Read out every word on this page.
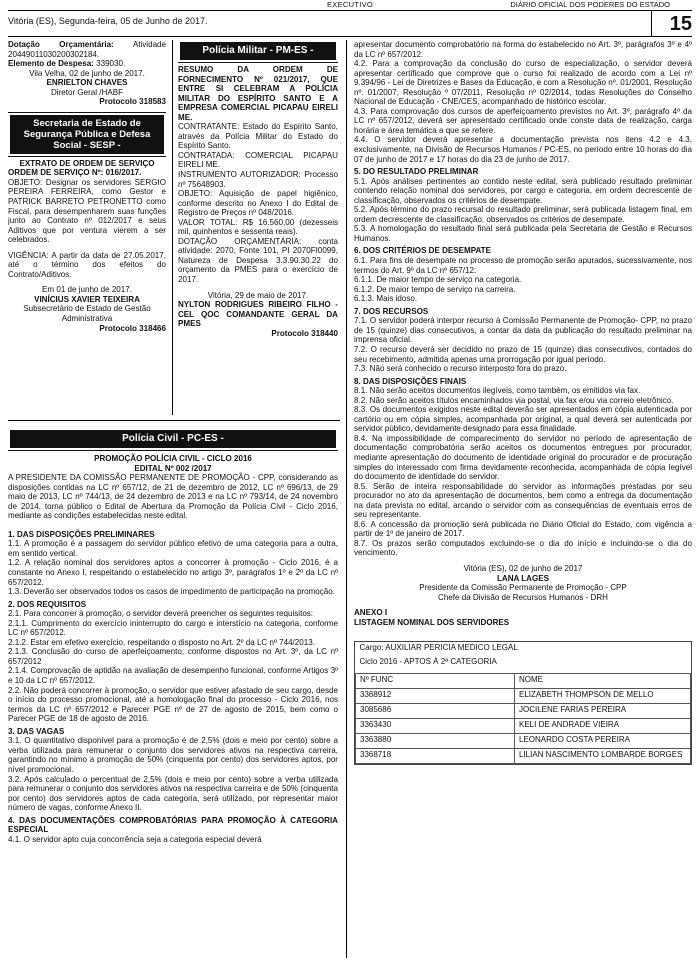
EXECUTIVO	DIÁRIO OFICIAL DOS PODERES DO ESTADO
Vitória (ES), Segunda-feira, 05 de Junho de 2017.	15

Dotação Orçamentária: Atividade 20449011030200302184.

Elemento de Despesa: 339030.

Vila Velha, 02 de junho de 2017.

ENRIELTON CHAVES

Diretor Geral /HABF

Protocolo 318583

Secretaria de Estado de Segurança Pública e Defesa Social - SESP -

EXTRATO DE ORDEM DE SERVIÇO

ORDEM DE SERVIÇO Nº: 016/2017.

OBJETO: Designar os servidores SERGIO PEREIRA FERREIRA, como Gestor e PATRICK BARRETO PETRONETTO como Fiscal, para desempenharem suas funções junto ao Contrato nº 012/2017 e seus Aditivos que por ventura vierem a ser celebrados.

VIGÊNCIA: A partir da data de 27.05.2017, até o término dos efeitos do Contrato/Aditivos.

Em 01 de junho de 2017.

VINÍCIUS XAVIER TEIXEIRA

Subsecretário de Estado de Gestão Administrativa

Protocolo 318466

Polícia Militar - PM-ES -

RESUMO DA ORDEM DE FORNECIMENTO Nº 021/2017, QUE ENTRE SI CELEBRAM A POLÍCIA MILITAR DO ESPÍRITO SANTO E A EMPRESA COMERCIAL PICAPAU EIRELI ME.

CONTRATANTE: Estado do Espírito Santo, através da Polícia Militar do Estado do Espírito Santo.

CONTRATADA: COMERCIAL PICAPAU EIRELI ME.

INSTRUMENTO AUTORIZADOR: Processo nº 75648903.

OBJETO: Aquisição de papel higiênico, conforme descrito no Anexo I do Edital de Registro de Preços nº 048/2016.

VALOR TOTAL: R$ 16.560,00 (dezesseis mil, quinhentos e sessenta reais).

DOTAÇÃO ORÇAMENTÁRIA: conta atividade: 2070, Fonte 101, PI 2070FI0099, Natureza de Despesa 3.3.90.30.22 do orçamento da PMES para o exercício de 2017.

Vitória, 29 de maio de 2017.

NYLTON RODRIGUES RIBEIRO FILHO - CEL QOC COMANDANTE GERAL DA PMES

Protocolo 318440

Polícia Civil - PC-ES -

PROMOÇÃO POLÍCIA CIVIL - CICLO 2016

EDITAL Nº 002 /2017

A PRESIDENTE DA COMISSÃO PERMANENTE DE PROMOÇÃO - CPP, considerando as disposições contidas na LC nº 657/12, de 21 de dezembro de 2012, LC nº 696/13, de 29 maio de 2013, LC nº 744/13, de 24 dezembro de 2013 e na LC nº 793/14, de 24 novembro de 2014, torna público o Edital de Abertura da Promoção da Polícia Civil - Ciclo 2016, mediante as condições estabelecidas neste edital.

1. DAS DISPOSIÇÕES PRELIMINARES

1.1. A promoção é a passagem do servidor público efetivo de uma categoria para a outra, em sentido vertical.

1.2. A relação nominal dos servidores aptos a concorrer à promoção - Ciclo 2016, é a constante no Anexo I, respeitando o estabelecido no artigo 3º, parágrafos 1º e 2º da LC nº 657/2012.

1.3. Deverão ser observados todos os casos de impedimento de participação na promoção.

2. DOS REQUISITOS

2.1. Para concorrer à promoção, o servidor deverá preencher os seguintes requisitos:

2.1.1. Cumprimento do exercício ininterrupto do cargo e interstício na categoria, conforme LC nº 657/2012.

2.1.2. Estar em efetivo exercício, respeitando o disposto no Art. 2º da LC nº 744/2013.

2.1.3. Conclusão do curso de aperfeiçoamento, conforme dispostos no Art. 3º, da LC nº 657/2012

2.1.4. Comprovação de aptidão na avaliação de desempenho funcional, conforme Artigos 3º e 10 da LC nº 657/2012.

2.2. Não poderá concorrer à promoção, o servidor que estiver afastado de seu cargo, desde o início do processo promocional, até a homologação final do processo - Ciclo 2016, nos termos da LC nº 657/2012 e Parecer PGE nº de 27 de agosto de 2015, bem como o Parecer PGE de 18 de agosto de 2016.

3. DAS VAGAS

3.1. O quantitativo disponível para a promoção é de 2,5% (dois e meio por cento) sobre a verba utilizada para remunerar o conjunto dos servidores ativos na respectiva carreira, garantindo no mínimo a promoção de 50% (cinquenta por cento) dos servidores aptos, por nível promocional.

3.2. Após calculado o percentual de 2,5% (dois e meio por cento) sobre a verba utilizada para remunerar o conjunto dos servidores ativos na respectiva carreira e de 50% (cinquenta por cento) dos servidores aptos de cada categoria, será utilizado, por representar maior número de vagas, conforme Anexo II.

4. DAS DOCUMENTAÇÕES COMPROBATÓRIAS PARA PROMOÇÃO À CATEGORIA ESPECIAL

4.1. O servidor apto cuja concorrência seja a categoria especial deverá

apresentar documento comprobatório na forma do estabelecido no Art. 3º, parágrafos 3º e 4º da LC nº 657/2012.

4.2. Para a comprovação da conclusão do curso de especialização, o servidor deverá apresentar certificado que comprove que o curso foi realizado de acordo com a Lei nº 9.394/96 - Lei de Diretrizes e Bases da Educação, e com a Resolução nº. 01/2001, Resolução nº. 01/2007, Resolução º 07/2011, Resolução nº 02/2014, todas Resoluções do Conselho Nacional de Educação - CNE/CES, acompanhado de histórico escolar.

4.3. Para comprovação dos cursos de aperfeiçoamento previstos no Art. 3º, parágrafo 4º da LC nº 657/2012, deverá ser apresentado certificado onde conste data de realização, carga horária e área temática a que se refere.

4.4. O servidor deverá apresentar a documentação prevista nos itens 4.2 e 4.3, exclusivamente, na Divisão de Recursos Humanos / PC-ES, no período entre 10 horas do dia 07 de junho de 2017 e 17 horas do dia 23 de junho de 2017.

5. DO RESULTADO PRELIMINAR

5.1. Após análises pertinentes ao contido neste edital, será publicado resultado preliminar contendo relação nominal dos servidores, por cargo e categoria, em ordem decrescente de classificação, observados os critérios de desempate.

5.2. Após término do prazo recursal do resultado preliminar, será publicada listagem final, em ordem decrescente de classificação, observados os critérios de desempate.

5.3. A homologação do resultado final será publicada pela Secretaria de Gestão e Recursos Humanos.

6. DOS CRITÉRIOS DE DESEMPATE

6.1. Para fins de desempate no processo de promoção serão apurados, sucessivamente, nos termos do Art. 9º da LC nº 657/12:

6.1.1. De maior tempo de serviço na categoria.

6.1.2. De maior tempo de serviço na carreira.

6.1.3. Mais idoso.

7. DOS RECURSOS

7.1. O servidor poderá interpor recurso à Comissão Permanente de Promoção- CPP, no prazo de 15 (quinze) dias consecutivos, a contar da data da publicação do resultado preliminar na imprensa oficial.

7.2. O recurso deverá ser decidido no prazo de 15 (quinze) dias consecutivos, contados do seu recebimento, admitida apenas uma prorrogação por igual período.

7.3. Não será conhecido o recurso interposto fora do prazo.

8. DAS DISPOSIÇÕES FINAIS

8.1. Não serão aceitos documentos ilegíveis, como também, os emitidos via fax.

8.2. Não serão aceitos títulos encaminhados via postal, via fax e/ou via correio eletrônico.

8.3. Os documentos exigidos neste edital deverão ser apresentados em cópia autenticada por cartório ou em cópia simples, acompanhada por original, a qual deverá ser autenticada por servidor público, devidamente designado para essa finalidade.

8.4. Na impossibilidade de comparecimento do servidor no período de apresentação de documentação comprobatória serão aceitos os documentos entregues por procurador, mediante apresentação do documento de identidade original do procurador e de procuração simples do interessado com firma devidamente reconhecida, acompanhada de cópia legível do documento de identidade do servidor.

8.5. Serão de inteira responsabilidade do servidor as informações prestadas por seu procurador no ato da apresentação de documentos, bem como a entrega da documentação na data prevista no edital, arcando o servidor com as consequências de eventuais erros de seu representante.

8.6. A concessão da promoção será publicada no Diário Oficial do Estado, com vigência a partir de 1º de janeiro de 2017.

8.7. Os prazos serão computados excluindo-se o dia do início e incluindo-se o dia do vencimento.

Vitória (ES), 02 de junho de 2017

LANA LAGES

Presidente da Comissão Permanente de Promoção - CPP

Chefe da Divisão de Recursos Humanos - DRH

ANEXO I

LISTAGEM NOMINAL DOS SERVIDORES

Cargo: AUXILIAR PERICIA MEDICO LEGAL	
Ciclo 2016 - APTOS À 2ª CATEGORIA	
Nº FUNC	NOME
3368912	ELIZABETH THOMPSON DE MELLO
3085686	JOCILENE FARIAS PEREIRA
3363430	KELI DE ANDRADE VIEIRA
3363880	LEONARDO COSTA PEREIRA
3368718	LILIAN NASCIMENTO LOMBARDE BORGES
